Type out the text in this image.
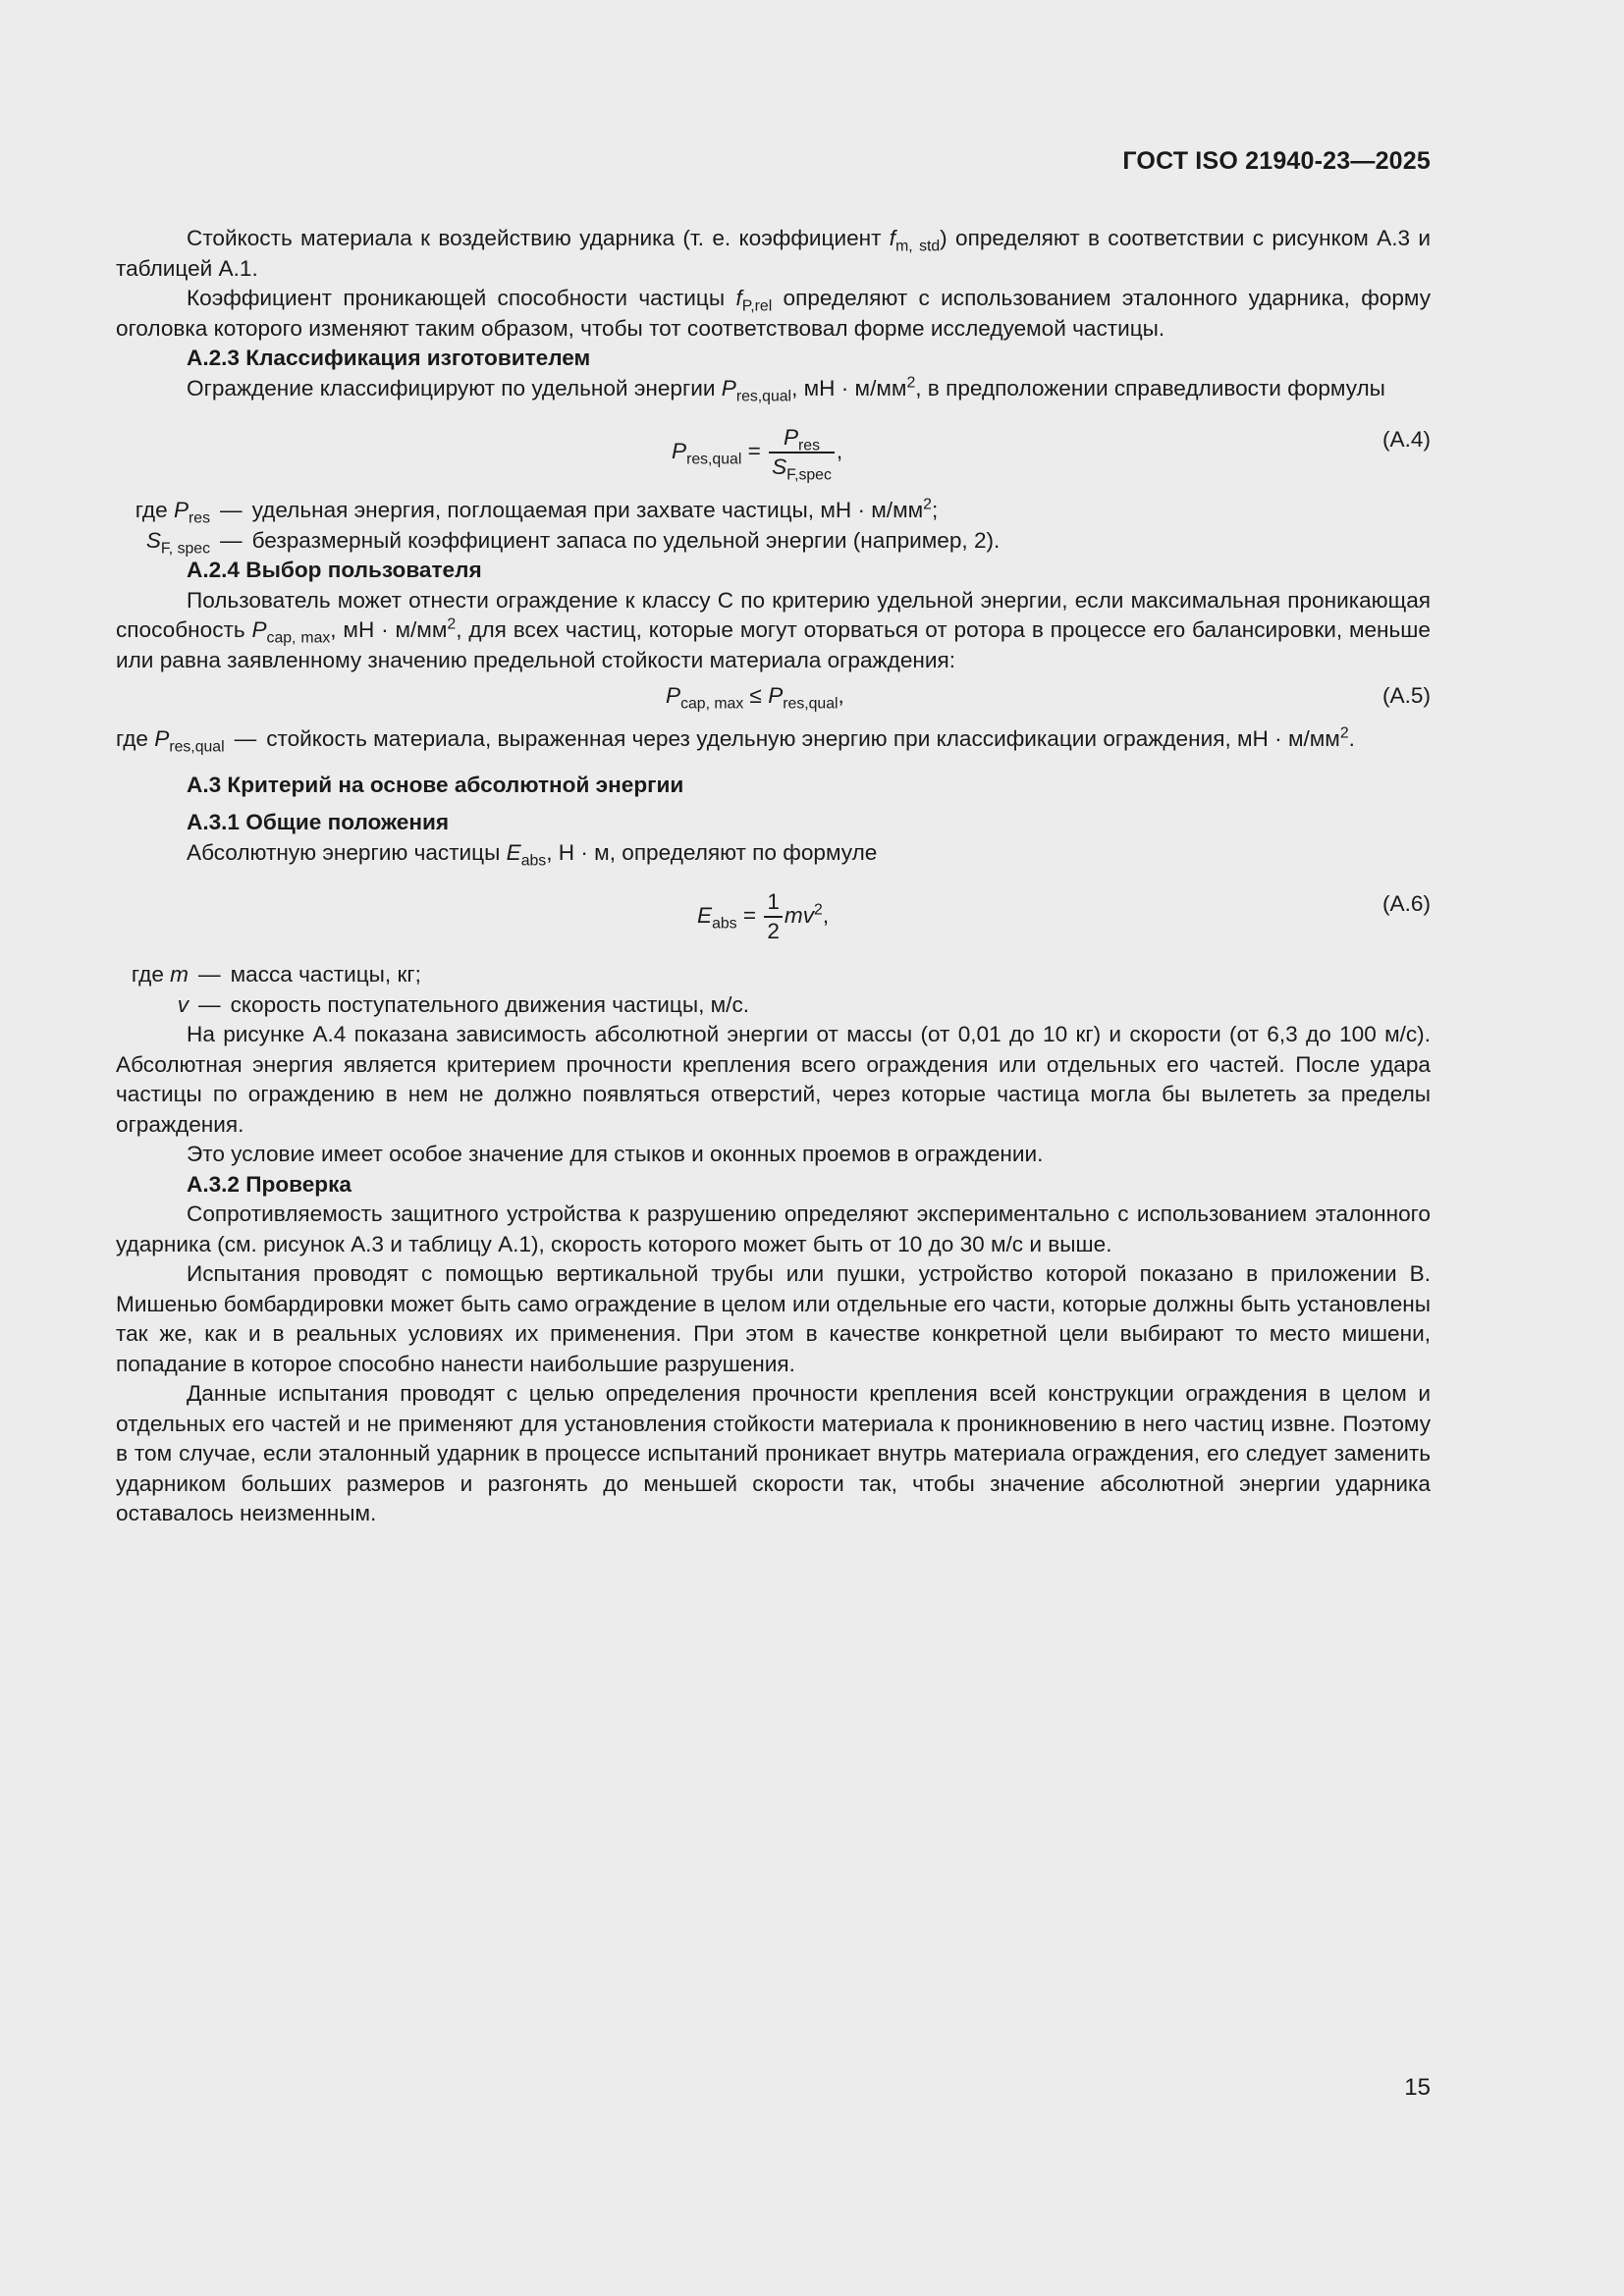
ГОСТ ISO 21940-23—2025

Стойкость материала к воздействию ударника (т. е. коэффициент $f_{m, std}$) определяют в соответствии с рисунком А.3 и таблицей А.1.

Коэффициент проникающей способности частицы $f_{P,rel}$ определяют с использованием эталонного ударника, форму оголовка которого изменяют таким образом, чтобы тот соответствовал форме исследуемой частицы.

А.2.3 Классификация изготовителем

Ограждение классифицируют по удельной энергии $P_{res,qual}$, мН · $м/мм^2$, в предположении справедливости формулы

$P_{res,qual} = \frac{P_{res}}{S_{F,spec}}$ ,	(А.4)
где $P_{res}$ — удельная энергия, поглощаемая при захвате частицы, мН · $м/мм^2$;
$S_{F, spec}$ — безразмерный коэффициент запаса по удельной энергии (например, 2).

А.2.4 Выбор пользователя

Пользователь может отнести ограждение к классу С по критерию удельной энергии, если максимальная проникающая способность $P_{cap, max}$, мН · $м/мм^2$, для всех частиц, которые могут оторваться от ротора в процессе его балансировки, меньше или равна заявленному значению предельной стойкости материала ограждения:

$P_{cap, max} \le P_{res,qual}$,	(А.5)
где $P_{res,qual}$ — стойкость материала, выраженная через удельную энергию при классификации ограждения, мН · $м/мм^2$.

А.3 Критерий на основе абсолютной энергии

А.3.1 Общие положения

Абсолютную энергию частицы $E_{abs}$, Н · м, определяют по формуле

$E_{abs} = \frac{1}{2} mv^2$,	(А.6)
где m — масса частицы, кг;
v — скорость поступательного движения частицы, м/с.

На рисунке А.4 показана зависимость абсолютной энергии от массы (от 0,01 до 10 кг) и скорости (от 6,3 до 100 м/с). Абсолютная энергия является критерием прочности крепления всего ограждения или отдельных его частей. После удара частицы по ограждению в нем не должно появляться отверстий, через которые частица могла бы вылететь за пределы ограждения.

Это условие имеет особое значение для стыков и оконных проемов в ограждении.

А.3.2 Проверка

Сопротивляемость защитного устройства к разрушению определяют экспериментально с использованием эталонного ударника (см. рисунок А.3 и таблицу А.1), скорость которого может быть от 10 до 30 м/с и выше.

Испытания проводят с помощью вертикальной трубы или пушки, устройство которой показано в приложении В. Мишенью бомбардировки может быть само ограждение в целом или отдельные его части, которые должны быть установлены так же, как и в реальных условиях их применения. При этом в качестве конкретной цели выбирают то место мишени, попадание в которое способно нанести наибольшие разрушения.

Данные испытания проводят с целью определения прочности крепления всей конструкции ограждения в целом и отдельных его частей и не применяют для установления стойкости материала к проникновению в него частиц извне. Поэтому в том случае, если эталонный ударник в процессе испытаний проникает внутрь материала ограждения, его следует заменить ударником больших размеров и разгонять до меньшей скорости так, чтобы значение абсолютной энергии ударника оставалось неизменным.

15
